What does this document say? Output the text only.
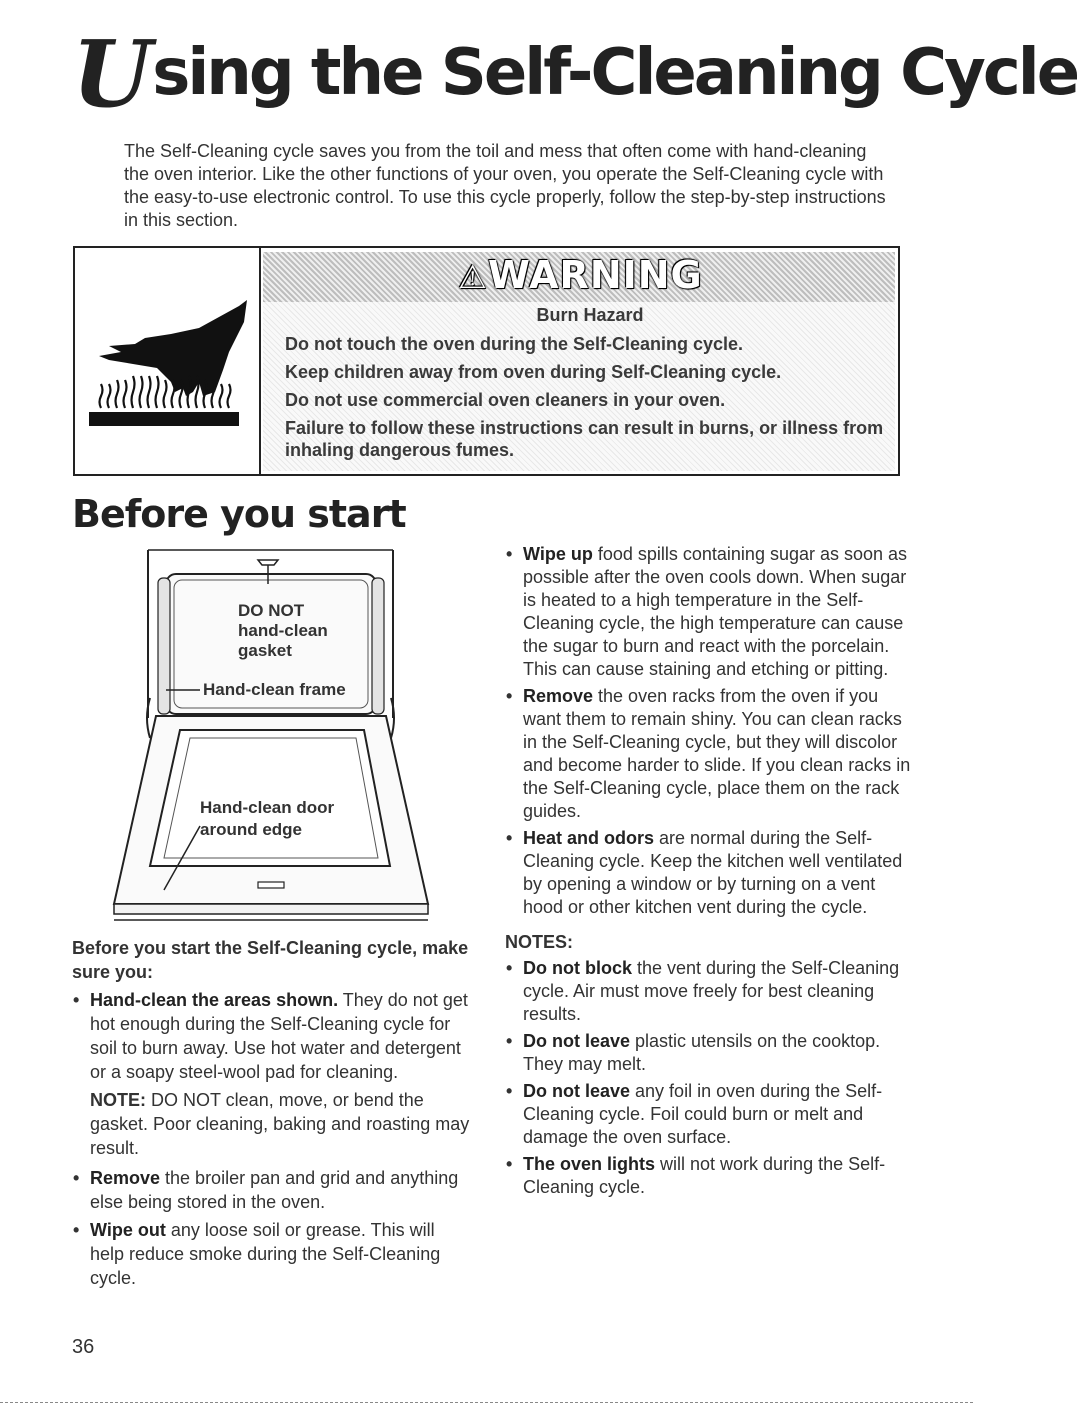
Using the Self-Cleaning Cycle

The Self-Cleaning cycle saves you from the toil and mess that often come with hand-cleaning the oven interior. Like the other functions of your oven, you operate the Self-Cleaning cycle with the easy-to-use electronic control. To use this cycle properly, follow the step-by-step instructions in this section.

⚠WARNING
Burn Hazard

Do not touch the oven during the Self-Cleaning cycle.

Keep children away from oven during Self-Cleaning cycle.

Do not use commercial oven cleaners in your oven.

Failure to follow these instructions can result in burns, or illness from inhaling dangerous fumes.

Before you start
DO NOT
hand-clean
gasket
Hand-clean frame
Hand-clean door
around edge

Before you start the Self-Cleaning cycle, make sure you:

• Hand-clean the areas shown. They do not get hot enough during the Self-Cleaning cycle for soil to burn away. Use hot water and detergent or a soapy steel-wool pad for cleaning.

NOTE: DO NOT clean, move, or bend the gasket. Poor cleaning, baking and roasting may result.

• Remove the broiler pan and grid and anything else being stored in the oven.

• Wipe out any loose soil or grease. This will help reduce smoke during the Self-Cleaning cycle.

• Wipe up food spills containing sugar as soon as possible after the oven cools down. When sugar is heated to a high temperature in the Self-Cleaning cycle, the high temperature can cause the sugar to burn and react with the porcelain. This can cause staining and etching or pitting.

• Remove the oven racks from the oven if you want them to remain shiny. You can clean racks in the Self-Cleaning cycle, but they will discolor and become harder to slide. If you clean racks in the Self-Cleaning cycle, place them on the rack guides.

• Heat and odors are normal during the Self-Cleaning cycle. Keep the kitchen well ventilated by opening a window or by turning on a vent hood or other kitchen vent during the cycle.

NOTES:

• Do not block the vent during the Self-Cleaning cycle. Air must move freely for best cleaning results.

• Do not leave plastic utensils on the cooktop. They may melt.

• Do not leave any foil in oven during the Self-Cleaning cycle. Foil could burn or melt and damage the oven surface.

• The oven lights will not work during the Self-Cleaning cycle.

36
